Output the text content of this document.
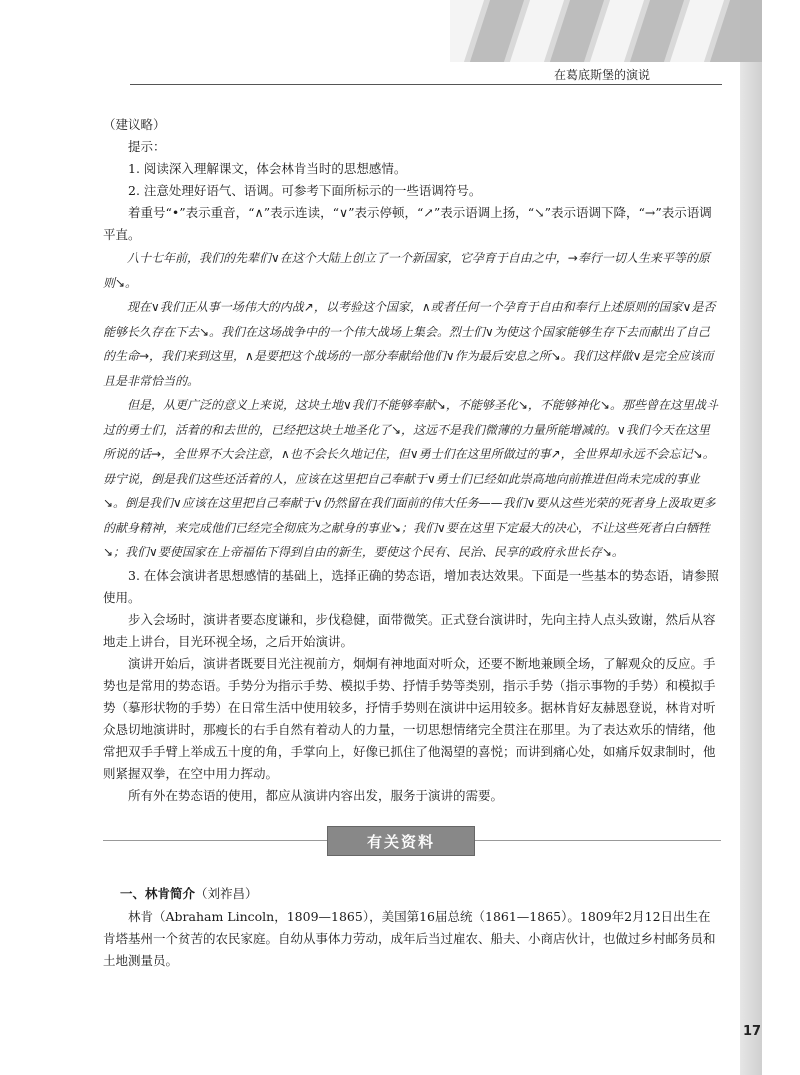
在葛底斯堡的演说

（建议略）

提示：

1. 阅读深入理解课文，体会林肯当时的思想感情。

2. 注意处理好语气、语调。可参考下面所标示的一些语调符号。

着重号“•”表示重音，“∧”表示连读，“∨”表示停顿，“↗”表示语调上扬，“↘”表示语调下降，“→”表示语调平直。

八十七年前，我们的先辈们∨在这个大陆上创立了一个新国家，它孕育于自由之中，→奉行一切人生来平等的原则↘。

现在∨我们正从事一场伟大的内战↗，以考验这个国家，∧或者任何一个孕育于自由和奉行上述原则的国家∨是否能够长久存在下去↘。我们在这场战争中的一个伟大战场上集会。烈士们∨为使这个国家能够生存下去而献出了自己的生命→，我们来到这里，∧是要把这个战场的一部分奉献给他们∨作为最后安息之所↘。我们这样做∨是完全应该而且是非常恰当的。

但是，从更广泛的意义上来说，这块土地∨我们不能够奉献↘，不能够圣化↘，不能够神化↘。那些曾在这里战斗过的勇士们，活着的和去世的，已经把这块土地圣化了↘，这远不是我们微薄的力量所能增减的。∨我们今天在这里所说的话→，全世界不大会注意，∧也不会长久地记住，但∨勇士们在这里所做过的事↗，全世界却永远不会忘记↘。毋宁说，倒是我们这些还活着的人，应该在这里把自己奉献于∨勇士们已经如此崇高地向前推进但尚未完成的事业↘。倒是我们∨应该在这里把自己奉献于∨仍然留在我们面前的伟大任务——我们∨要从这些光荣的死者身上汲取更多的献身精神，来完成他们已经完全彻底为之献身的事业↘；我们∨要在这里下定最大的决心，不让这些死者白白牺牲↘；我们∨要使国家在上帝福佑下得到自由的新生，要使这个民有、民治、民享的政府永世长存↘。

3. 在体会演讲者思想感情的基础上，选择正确的势态语，增加表达效果。下面是一些基本的势态语，请参照使用。

步入会场时，演讲者要态度谦和，步伐稳健，面带微笑。正式登台演讲时，先向主持人点头致谢，然后从容地走上讲台，目光环视全场，之后开始演讲。

演讲开始后，演讲者既要目光注视前方，炯炯有神地面对听众，还要不断地兼顾全场，了解观众的反应。手势也是常用的势态语。手势分为指示手势、模拟手势、抒情手势等类别，指示手势（指示事物的手势）和模拟手势（摹形状物的手势）在日常生活中使用较多，抒情手势则在演讲中运用较多。据林肯好友赫恩登说，林肯对听众恳切地演讲时，那瘦长的右手自然有着动人的力量，一切思想情绪完全贯注在那里。为了表达欢乐的情绪，他常把双手手臂上举成五十度的角，手掌向上，好像已抓住了他渴望的喜悦；而讲到痛心处，如痛斥奴隶制时，他则紧握双拳，在空中用力挥动。

所有外在势态语的使用，都应从演讲内容出发，服务于演讲的需要。

有关资料
一、林肯简介（刘祚昌）

林肯（Abraham Lincoln，1809—1865），美国第16届总统（1861—1865）。1809年2月12日出生在肯塔基州一个贫苦的农民家庭。自幼从事体力劳动，成年后当过雇农、船夫、小商店伙计，也做过乡村邮务员和土地测量员。

17
